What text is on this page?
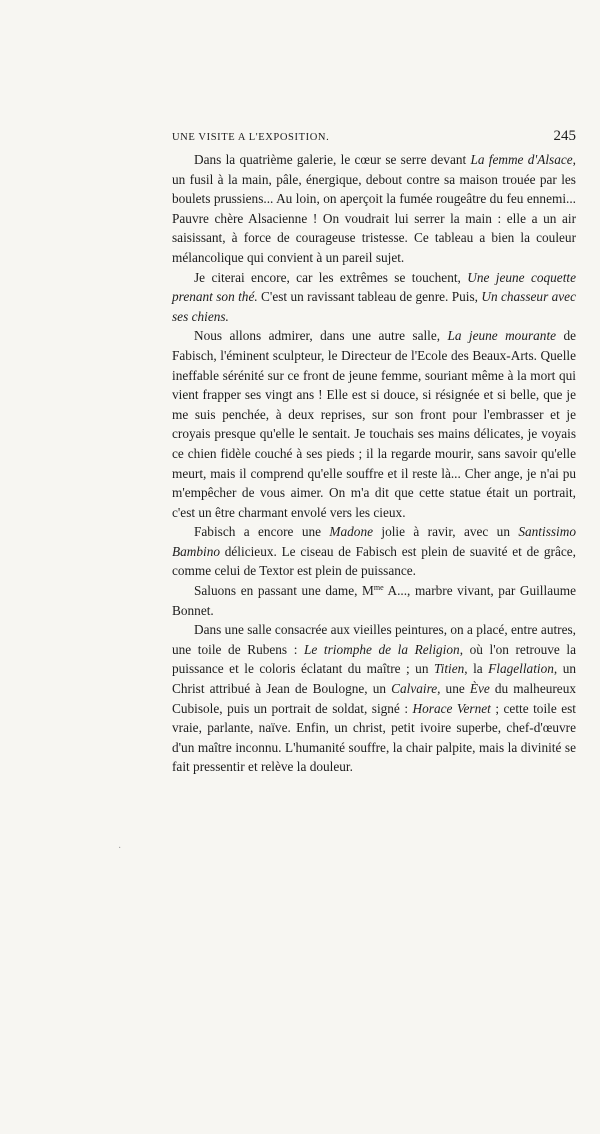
UNE VISITE A L'EXPOSITION.	245

Dans la quatrième galerie, le cœur se serre devant La femme d'Alsace, un fusil à la main, pâle, énergique, debout contre sa maison trouée par les boulets prussiens... Au loin, on aperçoit la fumée rougeâtre du feu ennemi... Pauvre chère Alsacienne ! On voudrait lui serrer la main : elle a un air saisissant, à force de courageuse tristesse. Ce tableau a bien la couleur mélancolique qui convient à un pareil sujet.

Je citerai encore, car les extrêmes se touchent, Une jeune coquette prenant son thé. C'est un ravissant tableau de genre. Puis, Un chasseur avec ses chiens.

Nous allons admirer, dans une autre salle, La jeune mourante de Fabisch, l'éminent sculpteur, le Directeur de l'Ecole des Beaux-Arts. Quelle ineffable sérénité sur ce front de jeune femme, souriant même à la mort qui vient frapper ses vingt ans ! Elle est si douce, si résignée et si belle, que je me suis penchée, à deux reprises, sur son front pour l'embrasser et je croyais presque qu'elle le sentait. Je touchais ses mains délicates, je voyais ce chien fidèle couché à ses pieds ; il la regarde mourir, sans savoir qu'elle meurt, mais il comprend qu'elle souffre et il reste là... Cher ange, je n'ai pu m'empêcher de vous aimer. On m'a dit que cette statue était un portrait, c'est un être charmant envolé vers les cieux.

Fabisch a encore une Madone jolie à ravir, avec un Santissimo Bambino délicieux. Le ciseau de Fabisch est plein de suavité et de grâce, comme celui de Textor est plein de puissance.

Saluons en passant une dame, $M^{me}$ A..., marbre vivant, par Guillaume Bonnet.

Dans une salle consacrée aux vieilles peintures, on a placé, entre autres, une toile de Rubens : Le triomphe de la Religion, où l'on retrouve la puissance et le coloris éclatant du maître ; un Titien, la Flagellation, un Christ attribué à Jean de Boulogne, un Calvaire, une Ève du malheureux Cubisole, puis un portrait de soldat, signé : Horace Vernet ; cette toile est vraie, parlante, naïve. Enfin, un christ, petit ivoire superbe, chef-d'œuvre d'un maître inconnu. L'humanité souffre, la chair palpite, mais la divinité se fait pressentir et relève la douleur.

·
